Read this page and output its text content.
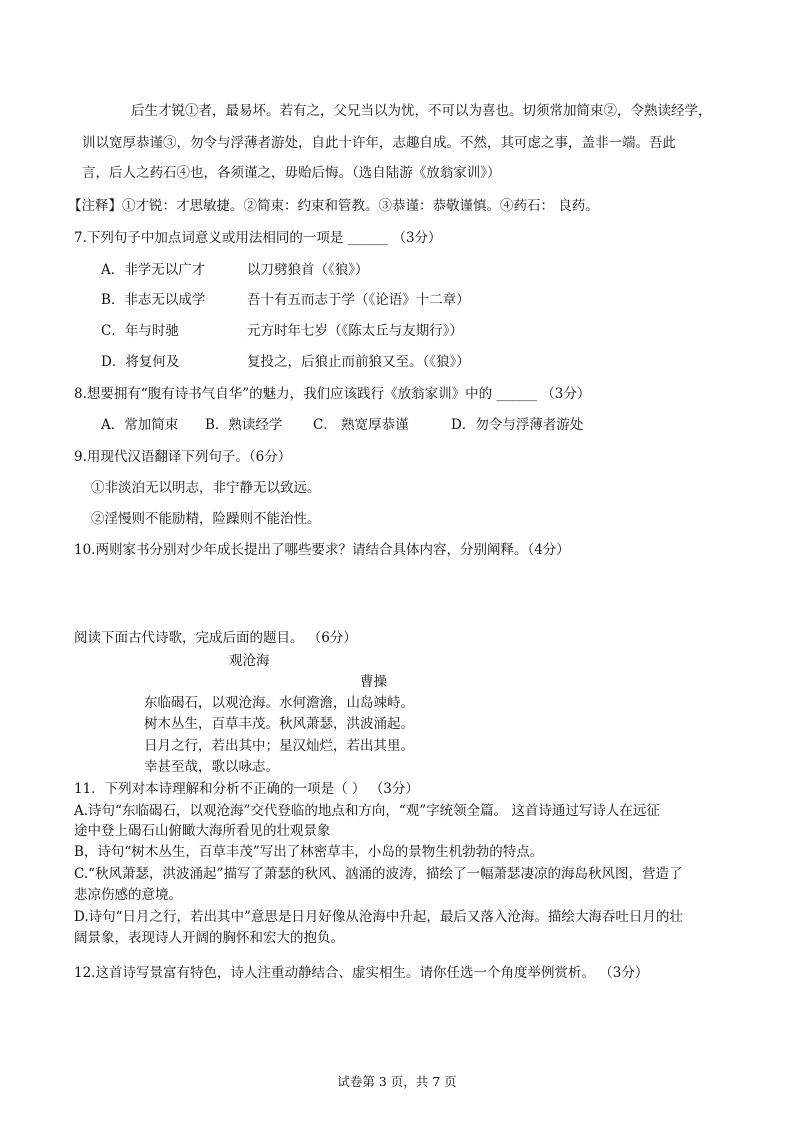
后生才锐①者，最易坏。若有之，父兄当以为忧，不可以为喜也。切须常加简束②，令熟读经学，
训以宽厚恭谨③，勿令与浮薄者游处，自此十许年，志趣自成。不然，其可虑之事，盖非一端。吾此
言，后人之药石④也，各须谨之，毋贻后悔。（选自陆游《放翁家训》）
【注释】①才锐：才思敏捷。②简束：约束和管教。③恭谨：恭敬谨慎。④药石： 良药。
7.下列句子中加点词意义或用法相同的一项是 ______ （3分）
A．非学无以广才	以刀劈狼首（《狼》）
B．非志无以成学	吾十有五而志于学（《论语》十二章）
C．年与时驰	元方时年七岁（《陈太丘与友期行》）
D．将复何及	复投之，后狼止而前狼又至。（《狼》）
8.想要拥有“腹有诗书气自华”的魅力，我们应该践行《放翁家训》中的 ______ （3分）
A．常加简束 B．熟读经学 C． 熟宽厚恭谨	D．勿令与浮薄者游处
9.用现代汉语翻译下列句子。（6分）
①非淡泊无以明志，非宁静无以致远。
②淫慢则不能励精，险躁则不能治性。
10.两则家书分别对少年成长提出了哪些要求？请结合具体内容，分别阐释。（4分）
阅读下面古代诗歌，完成后面的题目。 （6分）
观沧海
曹操
东临碣石，以观沧海。水何澹澹，山岛竦峙。
树木丛生，百草丰茂。秋风萧瑟，洪波涌起。
日月之行，若出其中；星汉灿烂，若出其里。
幸甚至哉，歌以咏志。
11．下列对本诗理解和分析不正确的一项是（ ） （3分）
A.诗句“东临碣石，以观沧海”交代登临的地点和方向，“观”字统领全篇。 这首诗通过写诗人在远征
途中登上碣石山俯瞰大海所看见的壮观景象
B，诗句“树木丛生，百草丰茂”写出了林密草丰，小岛的景物生机勃勃的特点。
C.“秋风萧瑟，洪波涌起”描写了萧瑟的秋风、汹涌的波涛，描绘了一幅萧瑟凄凉的海岛秋风图，营造了
悲凉伤感的意境。
D.诗句“日月之行，若出其中”意思是日月好像从沧海中升起，最后又落入沧海。描绘大海吞吐日月的壮
阔景象，表现诗人开阔的胸怀和宏大的抱负。
12.这首诗写景富有特色，诗人注重动静结合、虚实相生。请你任选一个角度举例赏析。 （3分）
试卷第 3 页，共 7 页
